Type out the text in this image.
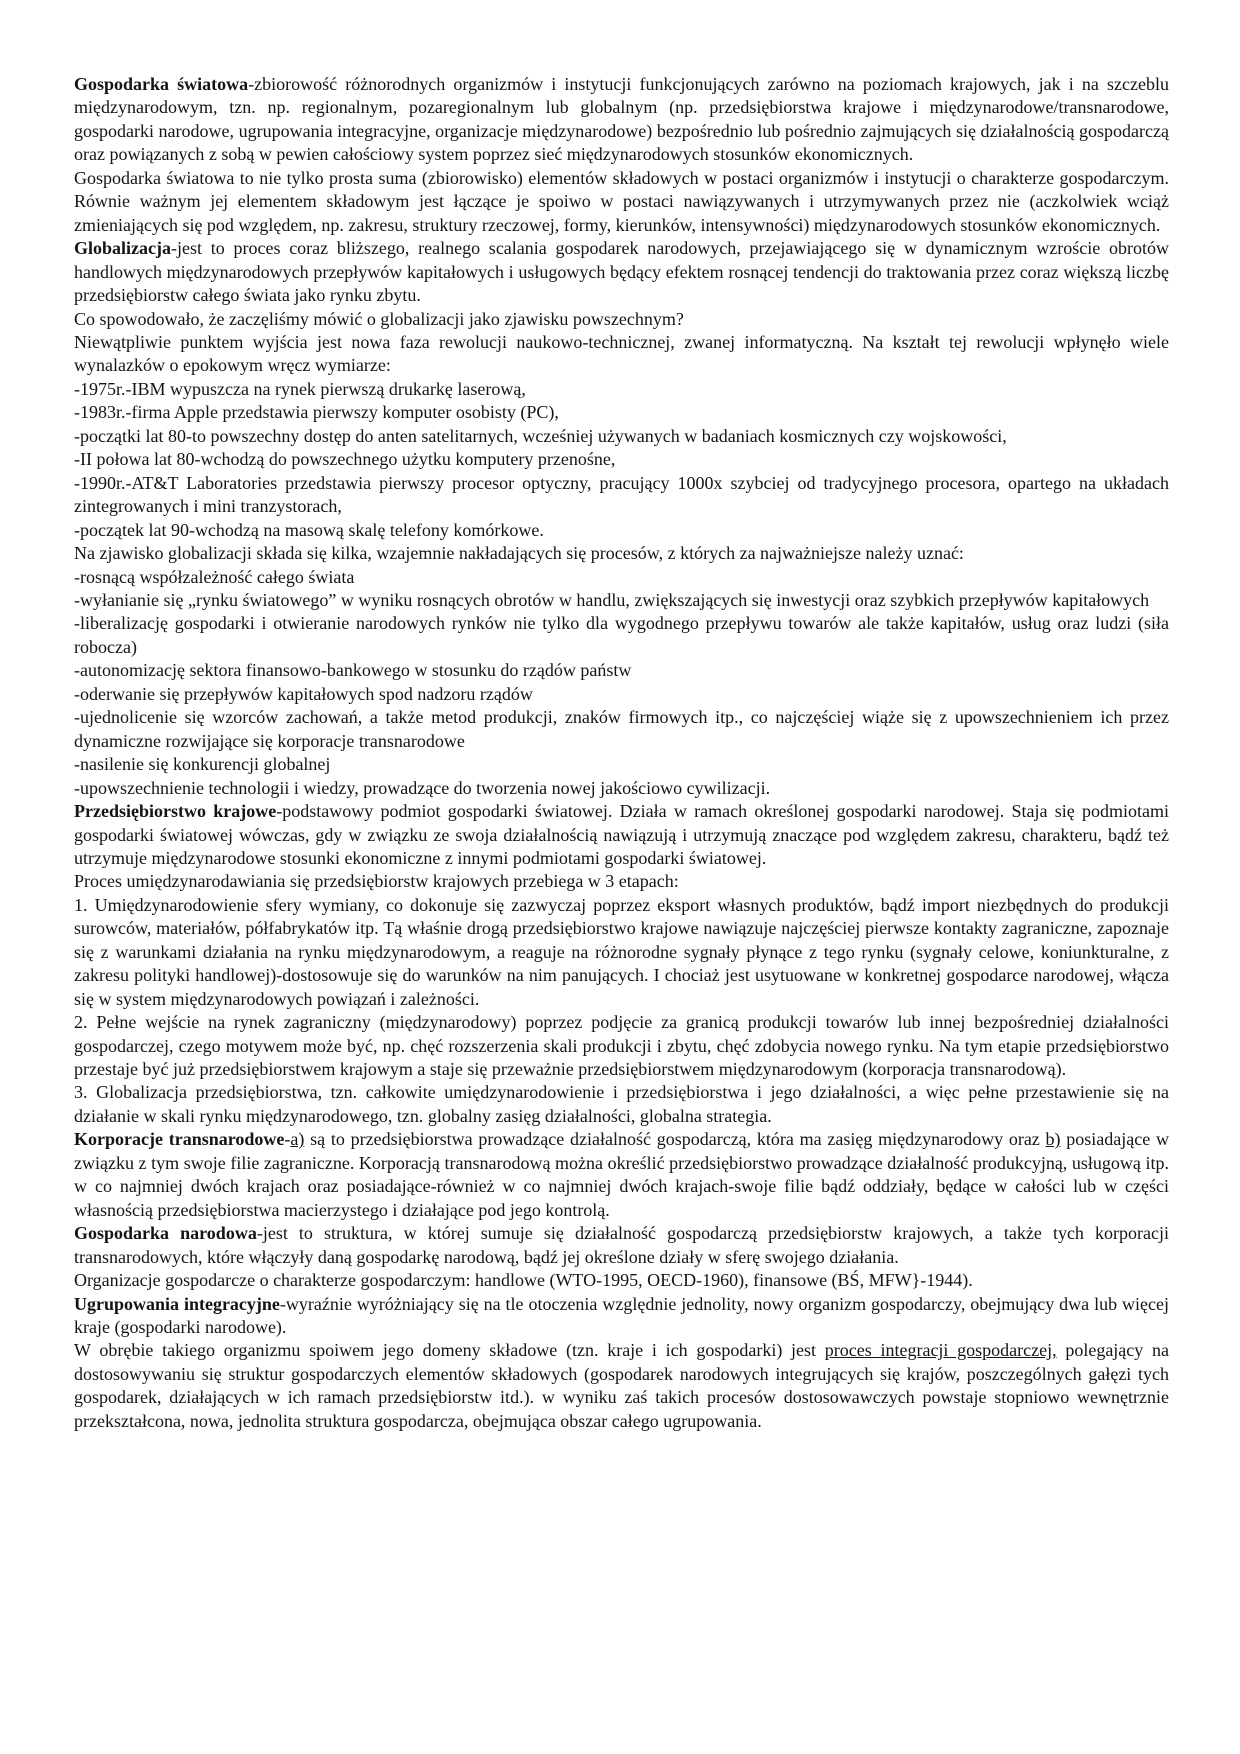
Gospodarka światowa-zbiorowość różnorodnych organizmów i instytucji funkcjonujących zarówno na poziomach krajowych, jak i na szczeblu międzynarodowym, tzn. np. regionalnym, pozaregionalnym lub globalnym (np. przedsiębiorstwa krajowe i międzynarodowe/transnarodowe, gospodarki narodowe, ugrupowania integracyjne, organizacje międzynarodowe) bezpośrednio lub pośrednio zajmujących się działalnością gospodarczą oraz powiązanych z sobą w pewien całościowy system poprzez sieć międzynarodowych stosunków ekonomicznych.

Gospodarka światowa to nie tylko prosta suma (zbiorowisko) elementów składowych w postaci organizmów i instytucji o charakterze gospodarczym. Równie ważnym jej elementem składowym jest łączące je spoiwo w postaci nawiązywanych i utrzymywanych przez nie (aczkolwiek wciąż zmieniających się pod względem, np. zakresu, struktury rzeczowej, formy, kierunków, intensywności) międzynarodowych stosunków ekonomicznych.

Globalizacja-jest to proces coraz bliższego, realnego scalania gospodarek narodowych, przejawiającego się w dynamicznym wzroście obrotów handlowych międzynarodowych przepływów kapitałowych i usługowych będący efektem rosnącej tendencji do traktowania przez coraz większą liczbę przedsiębiorstw całego świata jako rynku zbytu.

Co spowodowało, że zaczęliśmy mówić o globalizacji jako zjawisku powszechnym?

Niewątpliwie punktem wyjścia jest nowa faza rewolucji naukowo-technicznej, zwanej informatyczną. Na kształt tej rewolucji wpłynęło wiele wynalazków o epokowym wręcz wymiarze:

-1975r.-IBM wypuszcza na rynek pierwszą drukarkę laserową,

-1983r.-firma Apple przedstawia pierwszy komputer osobisty (PC),

-początki lat 80-to powszechny dostęp do anten satelitarnych, wcześniej używanych w badaniach kosmicznych czy wojskowości,

-II połowa lat 80-wchodzą do powszechnego użytku komputery przenośne,

-1990r.-AT&T Laboratories przedstawia pierwszy procesor optyczny, pracujący 1000x szybciej od tradycyjnego procesora, opartego na układach zintegrowanych i mini tranzystorach,

-początek lat 90-wchodzą na masową skalę telefony komórkowe.

Na zjawisko globalizacji składa się kilka, wzajemnie nakładających się procesów, z których za najważniejsze należy uznać:

-rosnącą współzależność całego świata

-wyłanianie się „rynku światowego” w wyniku rosnących obrotów w handlu, zwiększających się inwestycji oraz szybkich przepływów kapitałowych

-liberalizację gospodarki i otwieranie narodowych rynków nie tylko dla wygodnego przepływu towarów ale także kapitałów, usług oraz ludzi (siła robocza)

-autonomizację sektora finansowo-bankowego w stosunku do rządów państw

-oderwanie się przepływów kapitałowych spod nadzoru rządów

-ujednolicenie się wzorców zachowań, a także metod produkcji, znaków firmowych itp., co najczęściej wiąże się z upowszechnieniem ich przez dynamiczne rozwijające się korporacje transnarodowe

-nasilenie się konkurencji globalnej

-upowszechnienie technologii i wiedzy, prowadzące do tworzenia nowej jakościowo cywilizacji.

Przedsiębiorstwo krajowe-podstawowy podmiot gospodarki światowej. Działa w ramach określonej gospodarki narodowej. Staja się podmiotami gospodarki światowej wówczas, gdy w związku ze swoja działalnością nawiązują i utrzymują znaczące pod względem zakresu, charakteru, bądź też utrzymuje międzynarodowe stosunki ekonomiczne z innymi podmiotami gospodarki światowej.

Proces umiędzynarodawiania się przedsiębiorstw krajowych przebiega w 3 etapach:

1. Umiędzynarodowienie sfery wymiany, co dokonuje się zazwyczaj poprzez eksport własnych produktów, bądź import niezbędnych do produkcji surowców, materiałów, półfabrykatów itp. Tą właśnie drogą przedsiębiorstwo krajowe nawiązuje najczęściej pierwsze kontakty zagraniczne, zapoznaje się z warunkami działania na rynku międzynarodowym, a reaguje na różnorodne sygnały płynące z tego rynku (sygnały celowe, koniunkturalne, z zakresu polityki handlowej)-dostosowuje się do warunków na nim panujących. I chociaż jest usytuowane w konkretnej gospodarce narodowej, włącza się w system międzynarodowych powiązań i zależności.

2. Pełne wejście na rynek zagraniczny (międzynarodowy) poprzez podjęcie za granicą produkcji towarów lub innej bezpośredniej działalności gospodarczej, czego motywem może być, np. chęć rozszerzenia skali produkcji i zbytu, chęć zdobycia nowego rynku. Na tym etapie przedsiębiorstwo przestaje być już przedsiębiorstwem krajowym a staje się przeważnie przedsiębiorstwem międzynarodowym (korporacja transnarodową).

3. Globalizacja przedsiębiorstwa, tzn. całkowite umiędzynarodowienie i przedsiębiorstwa i jego działalności, a więc pełne przestawienie się na działanie w skali rynku międzynarodowego, tzn. globalny zasięg działalności, globalna strategia.

Korporacje transnarodowe-a) są to przedsiębiorstwa prowadzące działalność gospodarczą, która ma zasięg międzynarodowy oraz b) posiadające w związku z tym swoje filie zagraniczne. Korporacją transnarodową można określić przedsiębiorstwo prowadzące działalność produkcyjną, usługową itp. w co najmniej dwóch krajach oraz posiadające-również w co najmniej dwóch krajach-swoje filie bądź oddziały, będące w całości lub w części własnością przedsiębiorstwa macierzystego i działające pod jego kontrolą.

Gospodarka narodowa-jest to struktura, w której sumuje się działalność gospodarczą przedsiębiorstw krajowych, a także tych korporacji transnarodowych, które włączyły daną gospodarkę narodową, bądź jej określone działy w sferę swojego działania.

Organizacje gospodarcze o charakterze gospodarczym: handlowe (WTO-1995, OECD-1960), finansowe (BŚ, MFW}-1944).

Ugrupowania integracyjne-wyraźnie wyróżniający się na tle otoczenia względnie jednolity, nowy organizm gospodarczy, obejmujący dwa lub więcej kraje (gospodarki narodowe).

W obrębie takiego organizmu spoiwem jego domeny składowe (tzn. kraje i ich gospodarki) jest proces integracji gospodarczej, polegający na dostosowywaniu się struktur gospodarczych elementów składowych (gospodarek narodowych integrujących się krajów, poszczególnych gałęzi tych gospodarek, działających w ich ramach przedsiębiorstw itd.). w wyniku zaś takich procesów dostosowawczych powstaje stopniowo wewnętrznie przekształcona, nowa, jednolita struktura gospodarcza, obejmująca obszar całego ugrupowania.
